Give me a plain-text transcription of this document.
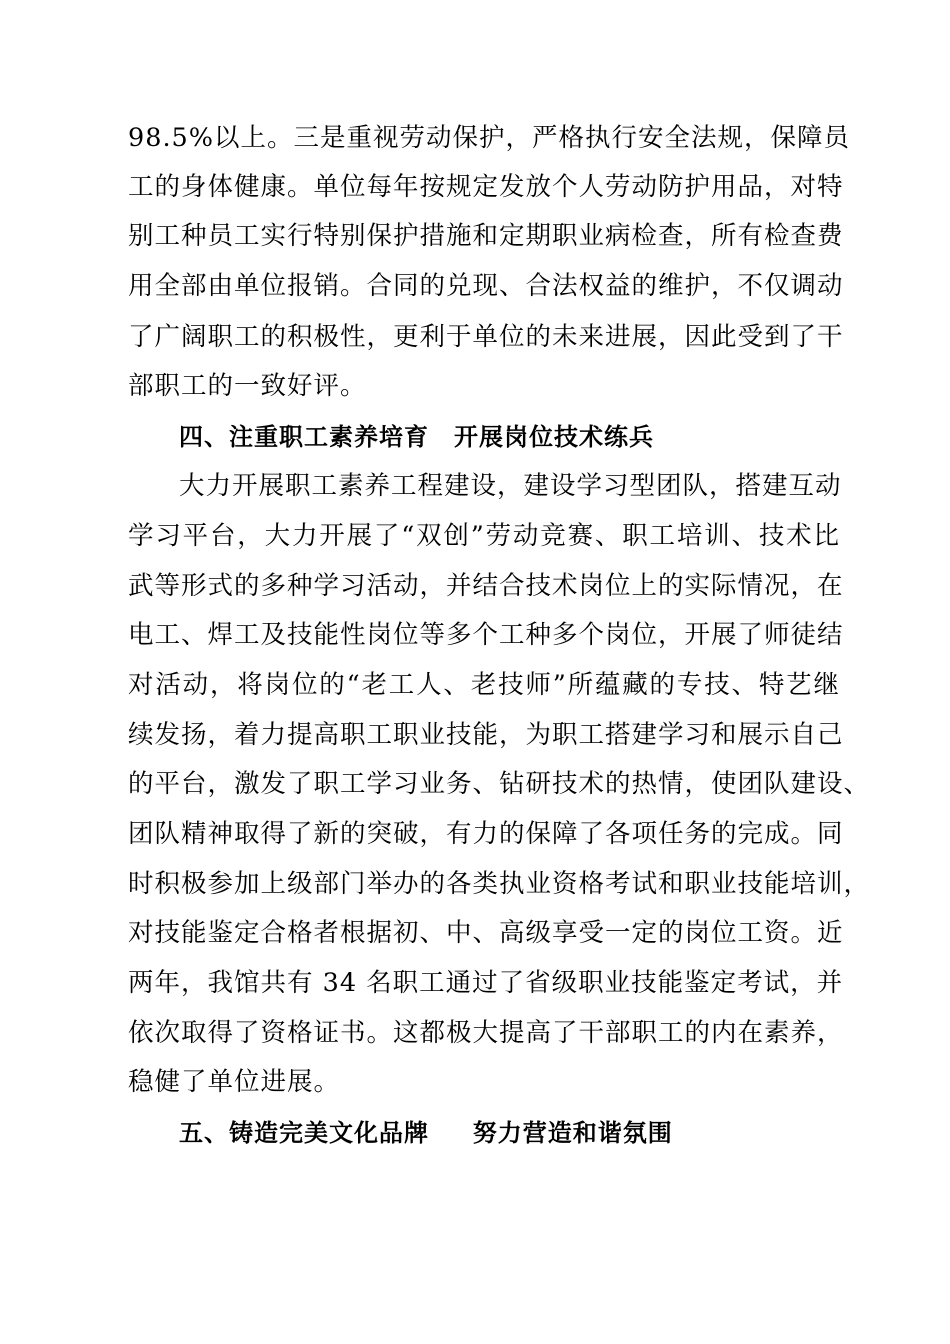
98.5%以上。三是重视劳动保护，严格执行安全法规，保障员
工的身体健康。单位每年按规定发放个人劳动防护用品，对特
别工种员工实行特别保护措施和定期职业病检查，所有检查费
用全部由单位报销。合同的兑现、合法权益的维护，不仅调动
了广阔职工的积极性，更利于单位的未来进展，因此受到了干
部职工的一致好评。
四、注重职工素养培育　开展岗位技术练兵
大力开展职工素养工程建设，建设学习型团队，搭建互动
学习平台，大力开展了“双创”劳动竞赛、职工培训、技术比
武等形式的多种学习活动，并结合技术岗位上的实际情况，在
电工、焊工及技能性岗位等多个工种多个岗位，开展了师徒结
对活动，将岗位的“老工人、老技师”所蕴藏的专技、特艺继
续发扬，着力提高职工职业技能，为职工搭建学习和展示自己
的平台，激发了职工学习业务、钻研技术的热情，使团队建设、
团队精神取得了新的突破，有力的保障了各项任务的完成。同
时积极参加上级部门举办的各类执业资格考试和职业技能培训，
对技能鉴定合格者根据初、中、高级享受一定的岗位工资。近
两年，我馆共有 34 名职工通过了省级职业技能鉴定考试，并
依次取得了资格证书。这都极大提高了干部职工的内在素养，
稳健了单位进展。
五、铸造完美文化品牌　  努力营造和谐氛围
